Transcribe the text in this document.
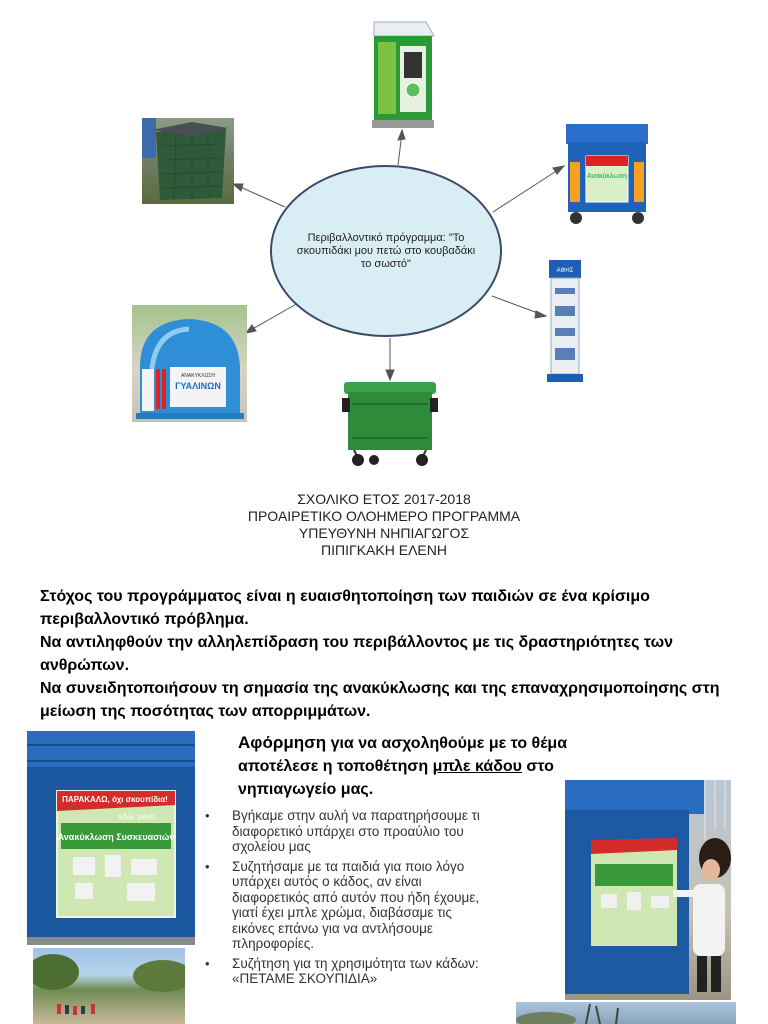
Περιβαλλοντικό πρόγραμμα: "Το σκουπιδάκι μου πετώ στο κουβαδάκι το σωστό"
Ανακύκλωση
ΑΝΑΚΥΚΛΩΣΗ
ΓΥΑΛΙΝΩΝ
AΦΗΣ
ΣΧΟΛΙΚΟ ΕΤΟΣ 2017-2018
ΠΡΟΑΙΡΕΤΙΚΟ ΟΛΟΗΜΕΡΟ ΠΡΟΓΡΑΜΜΑ
ΥΠΕΥΘΥΝΗ ΝΗΠΙΑΓΩΓΟΣ
ΠΙΠΙΓΚΑΚΗ ΕΛΕΝΗ
Στόχος του προγράμματος είναι η ευαισθητοποίηση των παιδιών σε ένα κρίσιμο περιβαλλοντικό πρόβλημα.
Να αντιληφθούν την αλληλεπίδραση του περιβάλλοντος με τις δραστηριότητες των ανθρώπων.
Να συνειδητοποιήσουν τη σημασία της ανακύκλωσης και της επαναχρησιμοποίησης στη μείωση της ποσότητας των απορριμμάτων.
Αφόρμηση για να ασχοληθούμε με το θέμα αποτέλεσε η τοποθέτηση μπλε κάδου στο νηπιαγωγείο μας.
• Βγήκαμε στην αυλή να παρατηρήσουμε τι διαφορετικό υπάρχει στο προαύλιο του σχολείου μας
• Συζητήσαμε με τα παιδιά για ποιο λόγο υπάρχει αυτός ο κάδος, αν είναι διαφορετικός από αυτόν που ήδη έχουμε, γιατί έχει μπλε χρώμα, διαβάσαμε τις εικόνες επάνω για να αντλήσουμε πληροφορίες.
• Συζήτηση για τη χρησιμότητα των κάδων: «ΠΕΤΑΜΕ ΣΚΟΥΠΙΔΙΑ»
ΠΑΡΑΚΑΛΩ, όχι σκουπίδια!
εδώ, μόνο
Ανακύκλωση Συσκευασιών
